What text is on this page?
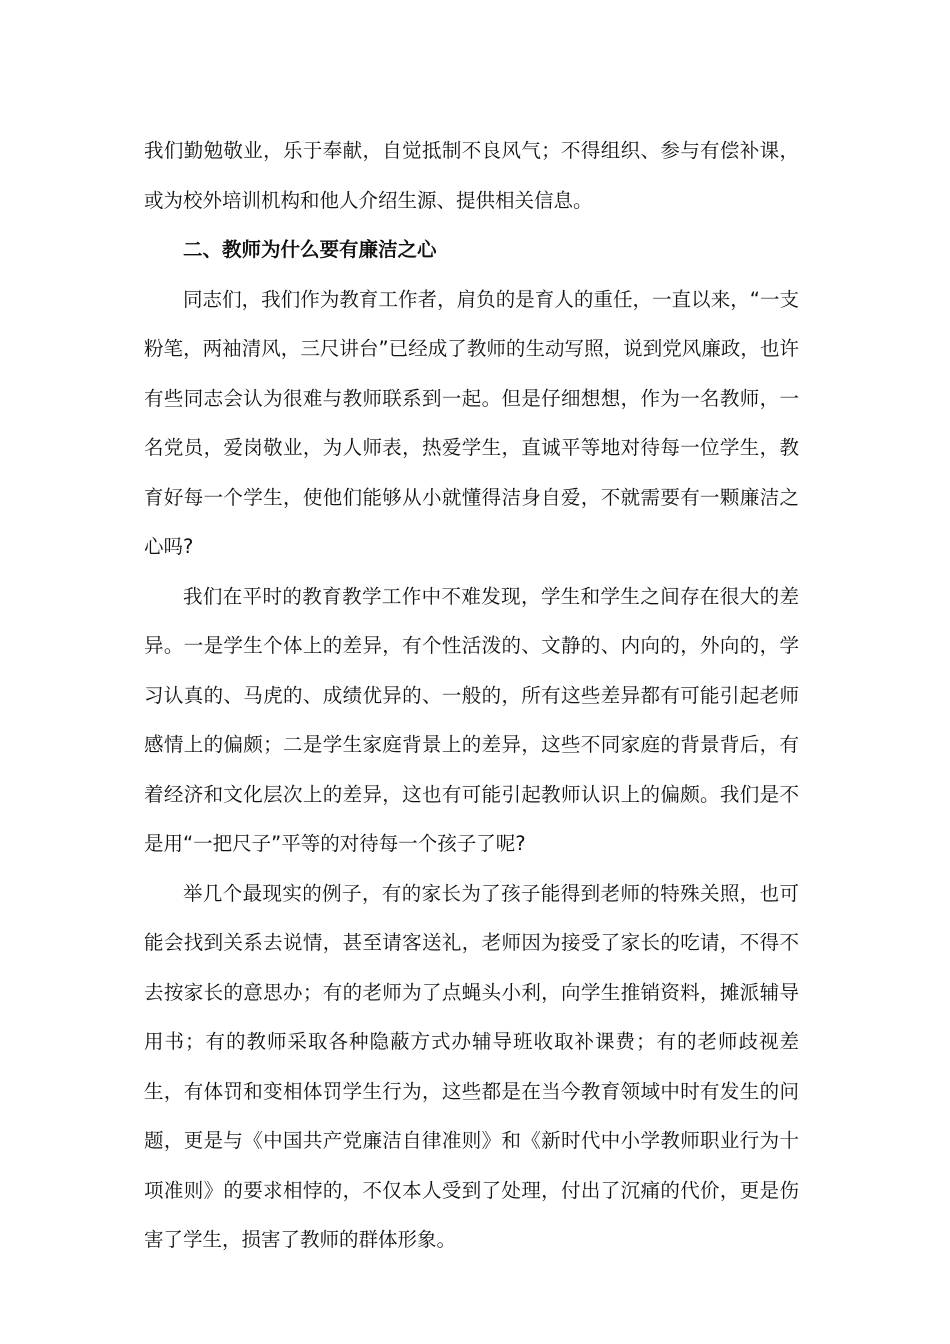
我们勤勉敬业，乐于奉献，自觉抵制不良风气；不得组织、参与有偿补课，或为校外培训机构和他人介绍生源、提供相关信息。

二、教师为什么要有廉洁之心

同志们，我们作为教育工作者，肩负的是育人的重任，一直以来，“一支粉笔，两袖清风，三尺讲台”已经成了教师的生动写照，说到党风廉政，也许有些同志会认为很难与教师联系到一起。但是仔细想想，作为一名教师，一名党员，爱岗敬业，为人师表，热爱学生，直诚平等地对待每一位学生，教育好每一个学生，使他们能够从小就懂得洁身自爱，不就需要有一颗廉洁之心吗?

我们在平时的教育教学工作中不难发现，学生和学生之间存在很大的差异。一是学生个体上的差异，有个性活泼的、文静的、内向的，外向的，学习认真的、马虎的、成绩优异的、一般的，所有这些差异都有可能引起老师感情上的偏颇；二是学生家庭背景上的差异，这些不同家庭的背景背后，有着经济和文化层次上的差异，这也有可能引起教师认识上的偏颇。我们是不是用“一把尺子”平等的对待每一个孩子了呢?

举几个最现实的例子，有的家长为了孩子能得到老师的特殊关照，也可能会找到关系去说情，甚至请客送礼，老师因为接受了家长的吃请，不得不去按家长的意思办；有的老师为了点蝇头小利，向学生推销资料，摊派辅导用书；有的教师采取各种隐蔽方式办辅导班收取补课费；有的老师歧视差生，有体罚和变相体罚学生行为，这些都是在当今教育领域中时有发生的问题，更是与《中国共产党廉洁自律准则》和《新时代中小学教师职业行为十项准则》的要求相悖的，不仅本人受到了处理，付出了沉痛的代价，更是伤害了学生，损害了教师的群体形象。
